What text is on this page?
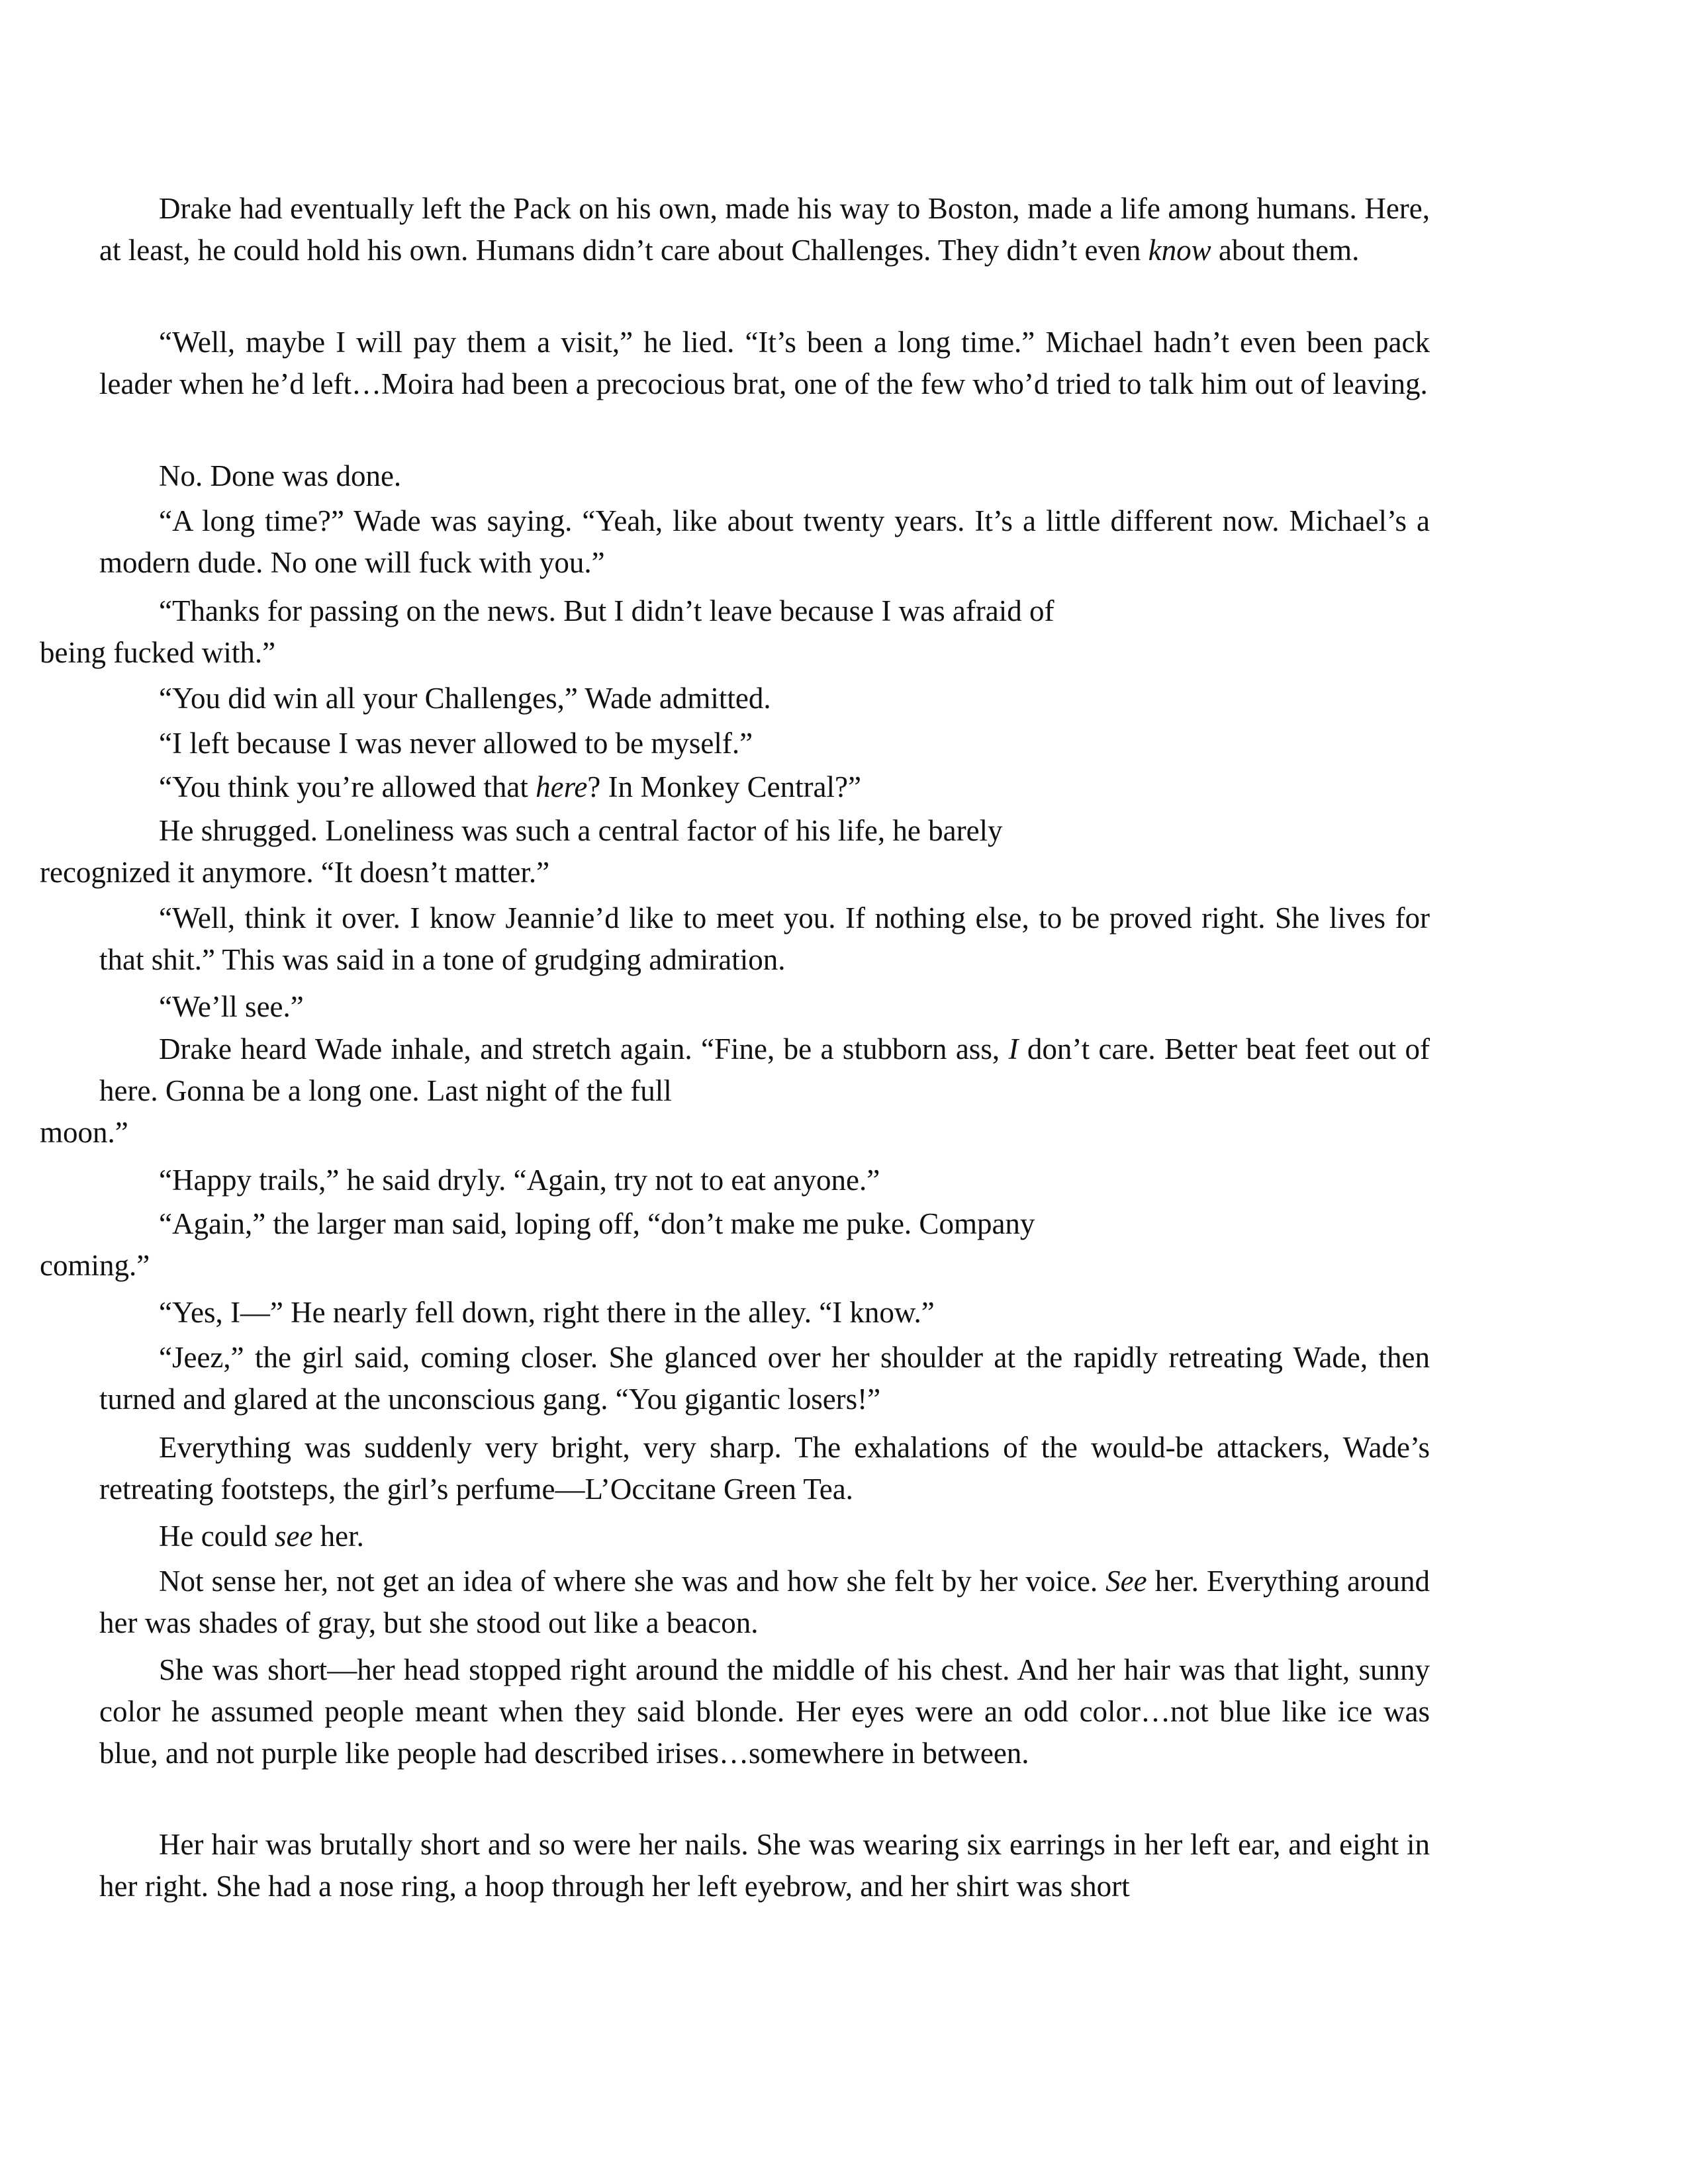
Drake had eventually left the Pack on his own, made his way to Boston, made a life among humans. Here, at least, he could hold his own. Humans didn’t care about Challenges. They didn’t even know about them.

“Well, maybe I will pay them a visit,” he lied. “It’s been a long time.” Michael hadn’t even been pack leader when he’d left…Moira had been a precocious brat, one of the few who’d tried to talk him out of leaving.

No. Done was done.

“A long time?” Wade was saying. “Yeah, like about twenty years. It’s a little different now. Michael’s a modern dude. No one will fuck with you.”

“Thanks for passing on the news. But I didn’t leave because I was afraid of
being fucked with.”

“You did win all your Challenges,” Wade admitted.

“I left because I was never allowed to be myself.”

“You think you’re allowed that here? In Monkey Central?”

He shrugged. Loneliness was such a central factor of his life, he barely
recognized it anymore. “It doesn’t matter.”

“Well, think it over. I know Jeannie’d like to meet you. If nothing else, to be proved right. She lives for that shit.” This was said in a tone of grudging admiration.

“We’ll see.”

Drake heard Wade inhale, and stretch again. “Fine, be a stubborn ass, I don’t care. Better beat feet out of here. Gonna be a long one. Last night of the full
moon.”

“Happy trails,” he said dryly. “Again, try not to eat anyone.”

“Again,” the larger man said, loping off, “don’t make me puke. Company
coming.”

“Yes, I—” He nearly fell down, right there in the alley. “I know.”

“Jeez,” the girl said, coming closer. She glanced over her shoulder at the rapidly retreating Wade, then turned and glared at the unconscious gang. “You gigantic losers!”

Everything was suddenly very bright, very sharp. The exhalations of the would-be attackers, Wade’s retreating footsteps, the girl’s perfume—L’Occitane Green Tea.

He could see her.

Not sense her, not get an idea of where she was and how she felt by her voice. See her. Everything around her was shades of gray, but she stood out like a beacon.

She was short—her head stopped right around the middle of his chest. And her hair was that light, sunny color he assumed people meant when they said blonde. Her eyes were an odd color…not blue like ice was blue, and not purple like people had described irises…somewhere in between.

Her hair was brutally short and so were her nails. She was wearing six earrings in her left ear, and eight in her right. She had a nose ring, a hoop through her left eyebrow, and her shirt was short
